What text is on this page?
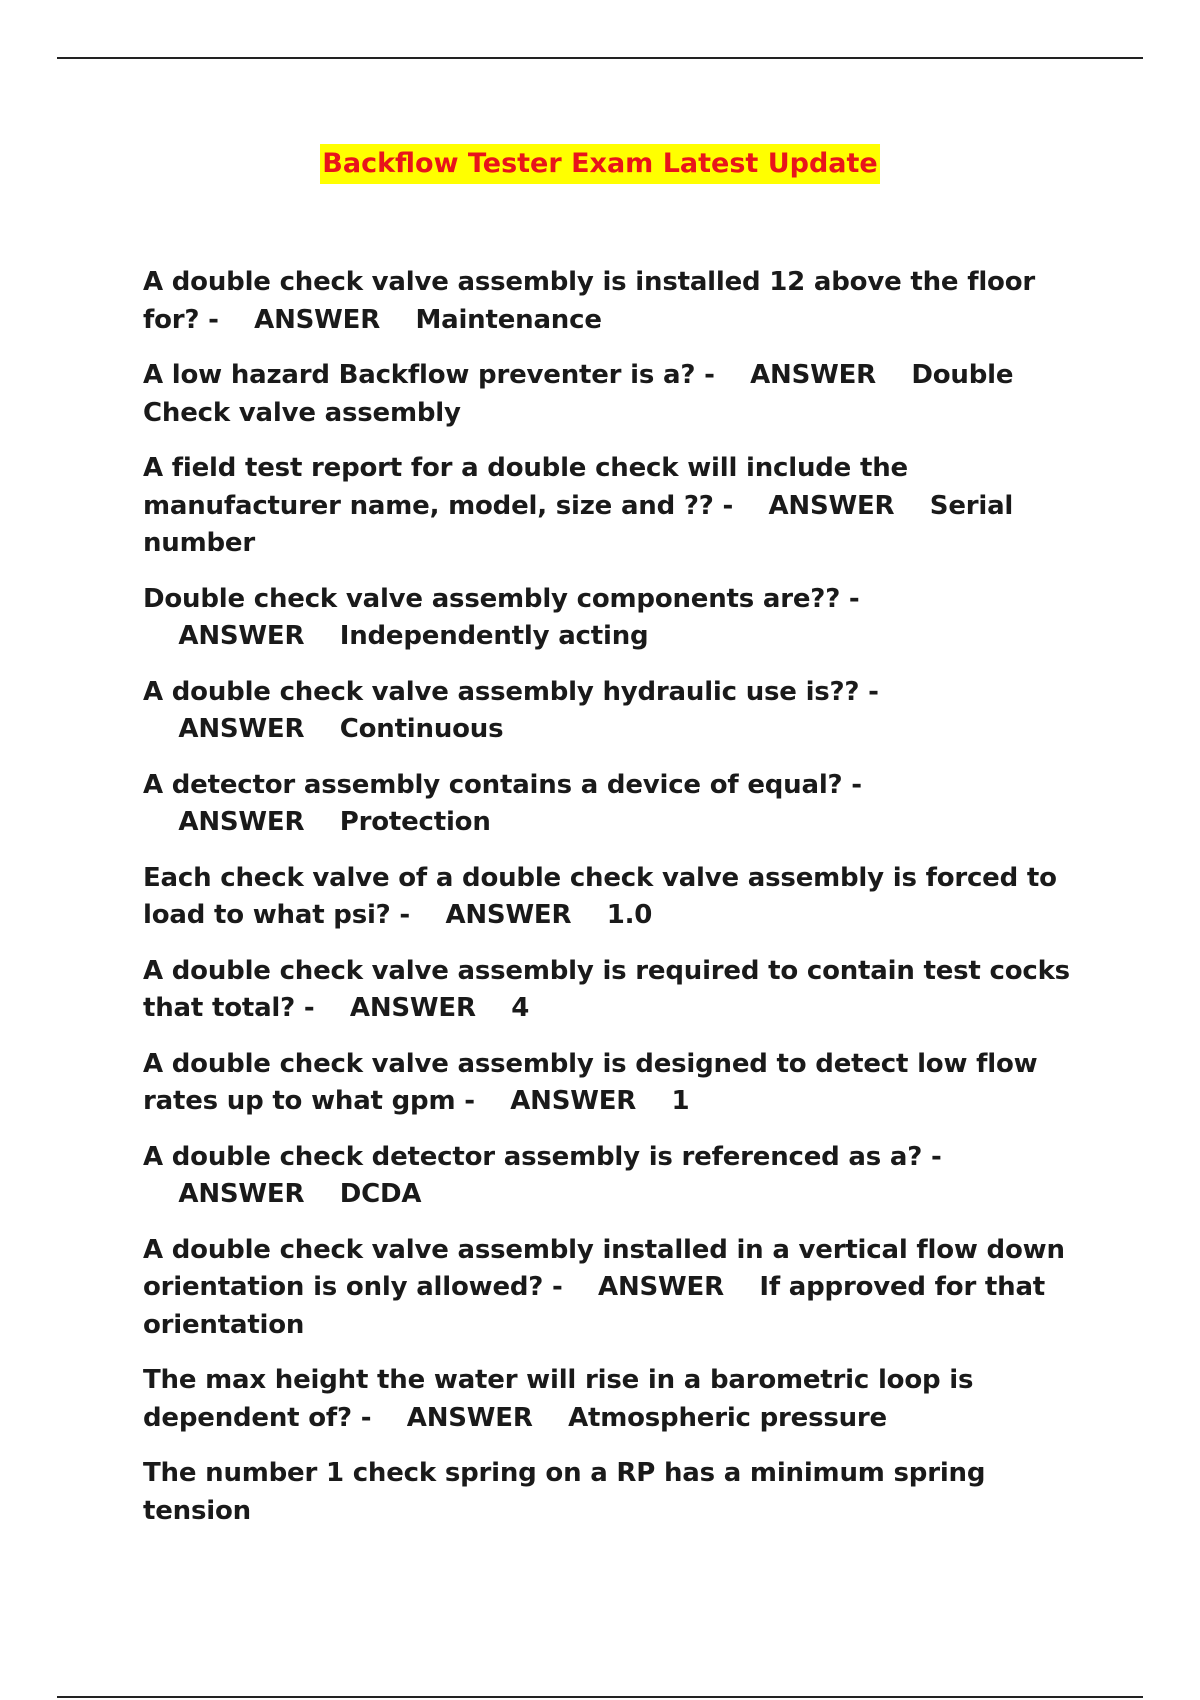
Backflow Tester Exam Latest Update
A double check valve assembly is installed 12 above the floor for? - ANSWER Maintenance
A low hazard Backflow preventer is a? - ANSWER Double Check valve assembly
A field test report for a double check will include the manufacturer name, model, size and ?? - ANSWER Serial number
Double check valve assembly components are?? -    ANSWER Independently acting
A double check valve assembly hydraulic use is?? -    ANSWER Continuous
A detector assembly contains a device of equal? -    ANSWER Protection
Each check valve of a double check valve assembly is forced to load to what psi? - ANSWER 1.0
A double check valve assembly is required to contain test cocks that total? - ANSWER 4
A double check valve assembly is designed to detect low flow rates up to what gpm - ANSWER 1
A double check detector assembly is referenced as a? -    ANSWER DCDA
A double check valve assembly installed in a vertical flow down orientation is only allowed? - ANSWER If approved for that orientation
The max height the water will rise in a barometric loop is dependent of? - ANSWER Atmospheric pressure
The number 1 check spring on a RP has a minimum spring tension
